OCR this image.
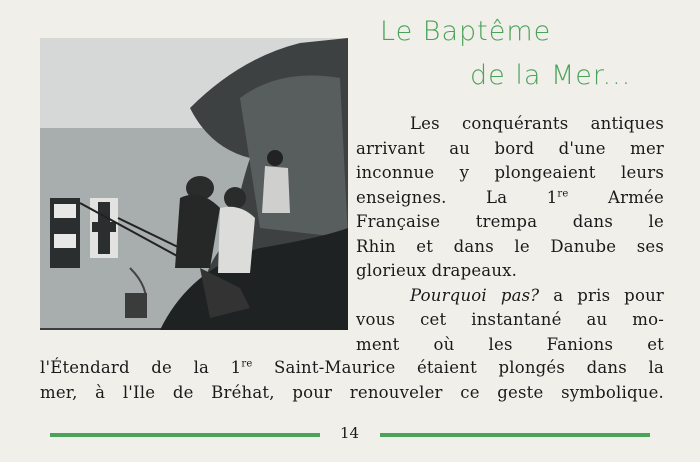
Le Baptême
de la Mer...
Les conquérants antiques
arrivant au bord d'une mer
inconnue y plongeaient leurs
enseignes. La 1re Armée
Française trempa dans le
Rhin et dans le Danube ses
glorieux drapeaux.
Pourquoi pas? a pris pour
vous cet instantané au mo-
ment où les Fanions et
l'Étendard de la 1re Saint-Maurice étaient plongés dans la
mer, à l'Ile de Bréhat, pour renouveler ce geste symbolique.
14
